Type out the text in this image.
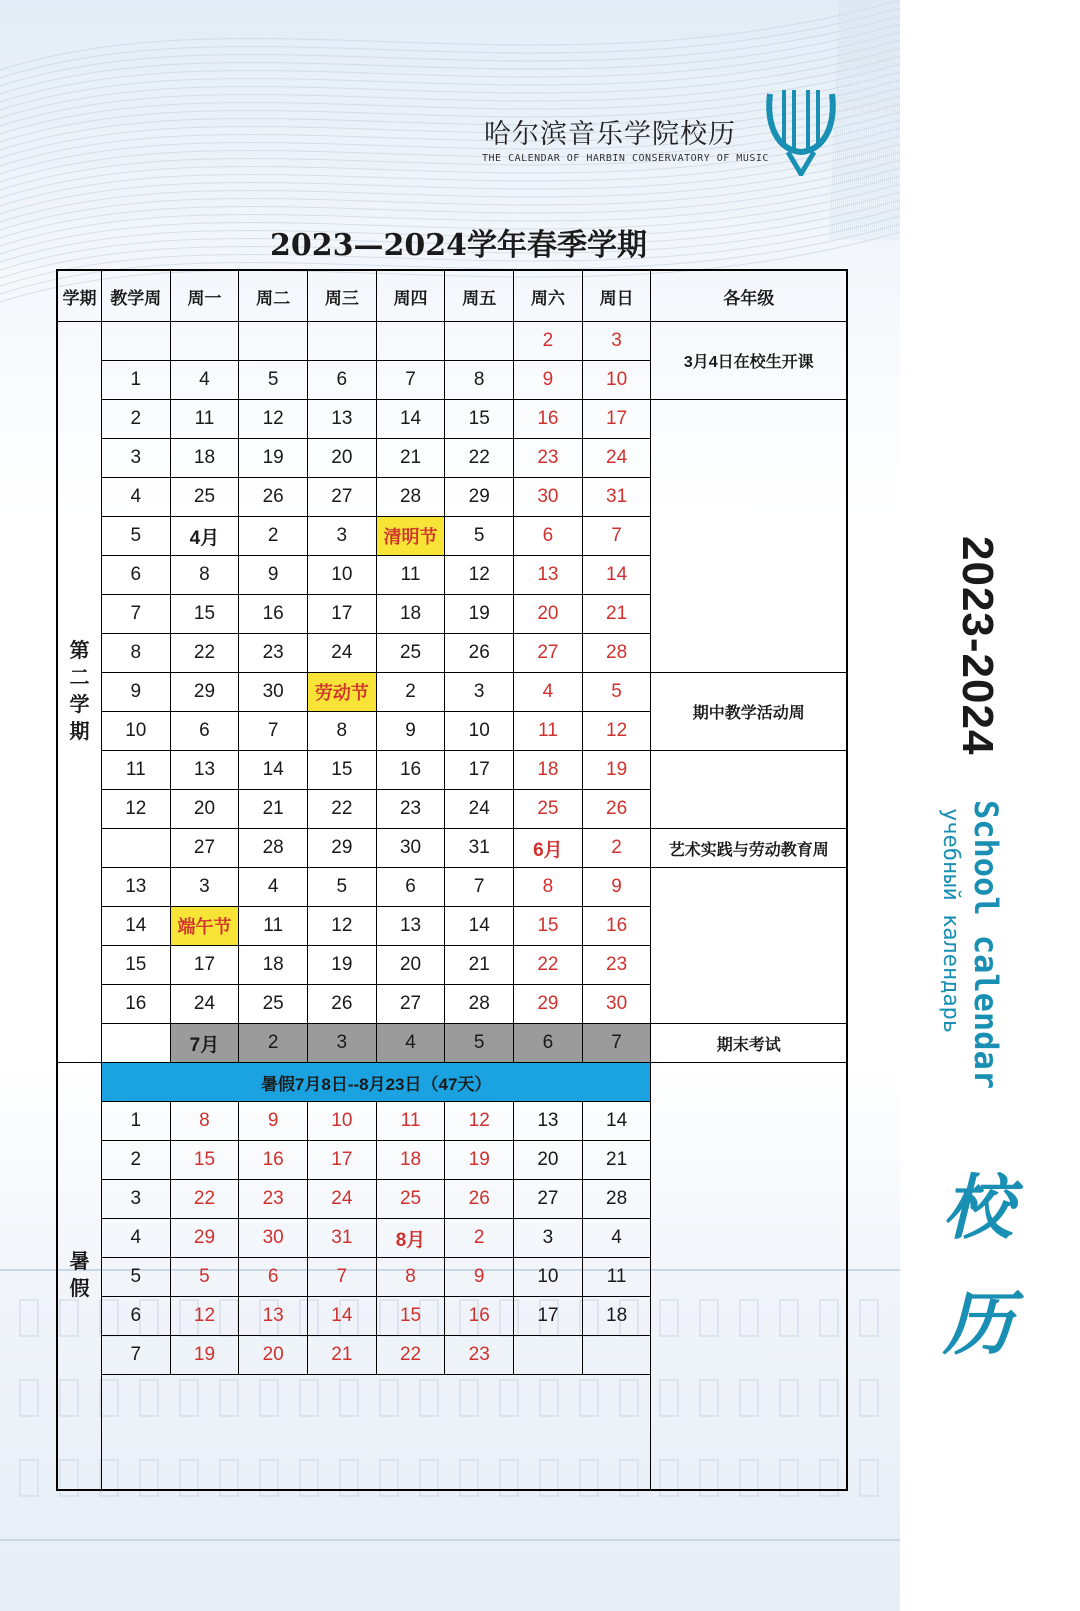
哈尔滨音乐学院校历
THE CALENDAR OF HARBIN CONSERVATORY OF MUSIC
2023—2024学年春季学期
学期	教学周	周一	周二	周三	周四	周五	周六	周日	各年级

第
二
学
期							2	3	3月4日在校生开课
	1	4	5	6	7	8	9	10	
	2	11	12	13	14	15	16	17	
	3	18	19	20	21	22	23	24	
	4	25	26	27	28	29	30	31	
	5	4月	2	3	清明节	5	6	7	
	6	8	9	10	11	12	13	14	
	7	15	16	17	18	19	20	21	
	8	22	23	24	25	26	27	28	
	9	29	30	劳动节	2	3	4	5	期中教学活动周
	10	6	7	8	9	10	11	12	
	11	13	14	15	16	17	18	19	
	12	20	21	22	23	24	25	26	
		27	28	29	30	31	6月	2	艺术实践与劳动教育周
	13	3	4	5	6	7	8	9	
	14	端午节	11	12	13	14	15	16	
	15	17	18	19	20	21	22	23	
	16	24	25	26	27	28	29	30	
		7月	2	3	4	5	6	7	期末考试

暑
假	暑假7月8日--8月23日（47天）								
	1	8	9	10	11	12	13	14	
	2	15	16	17	18	19	20	21	
	3	22	23	24	25	26	27	28	
	4	29	30	31	8月	2	3	4	
	5	5	6	7	8	9	10	11	
	6	12	13	14	15	16	17	18	
	7	19	20	21	22	23			

2023-2024
School calendar
учебный календарь
校历
